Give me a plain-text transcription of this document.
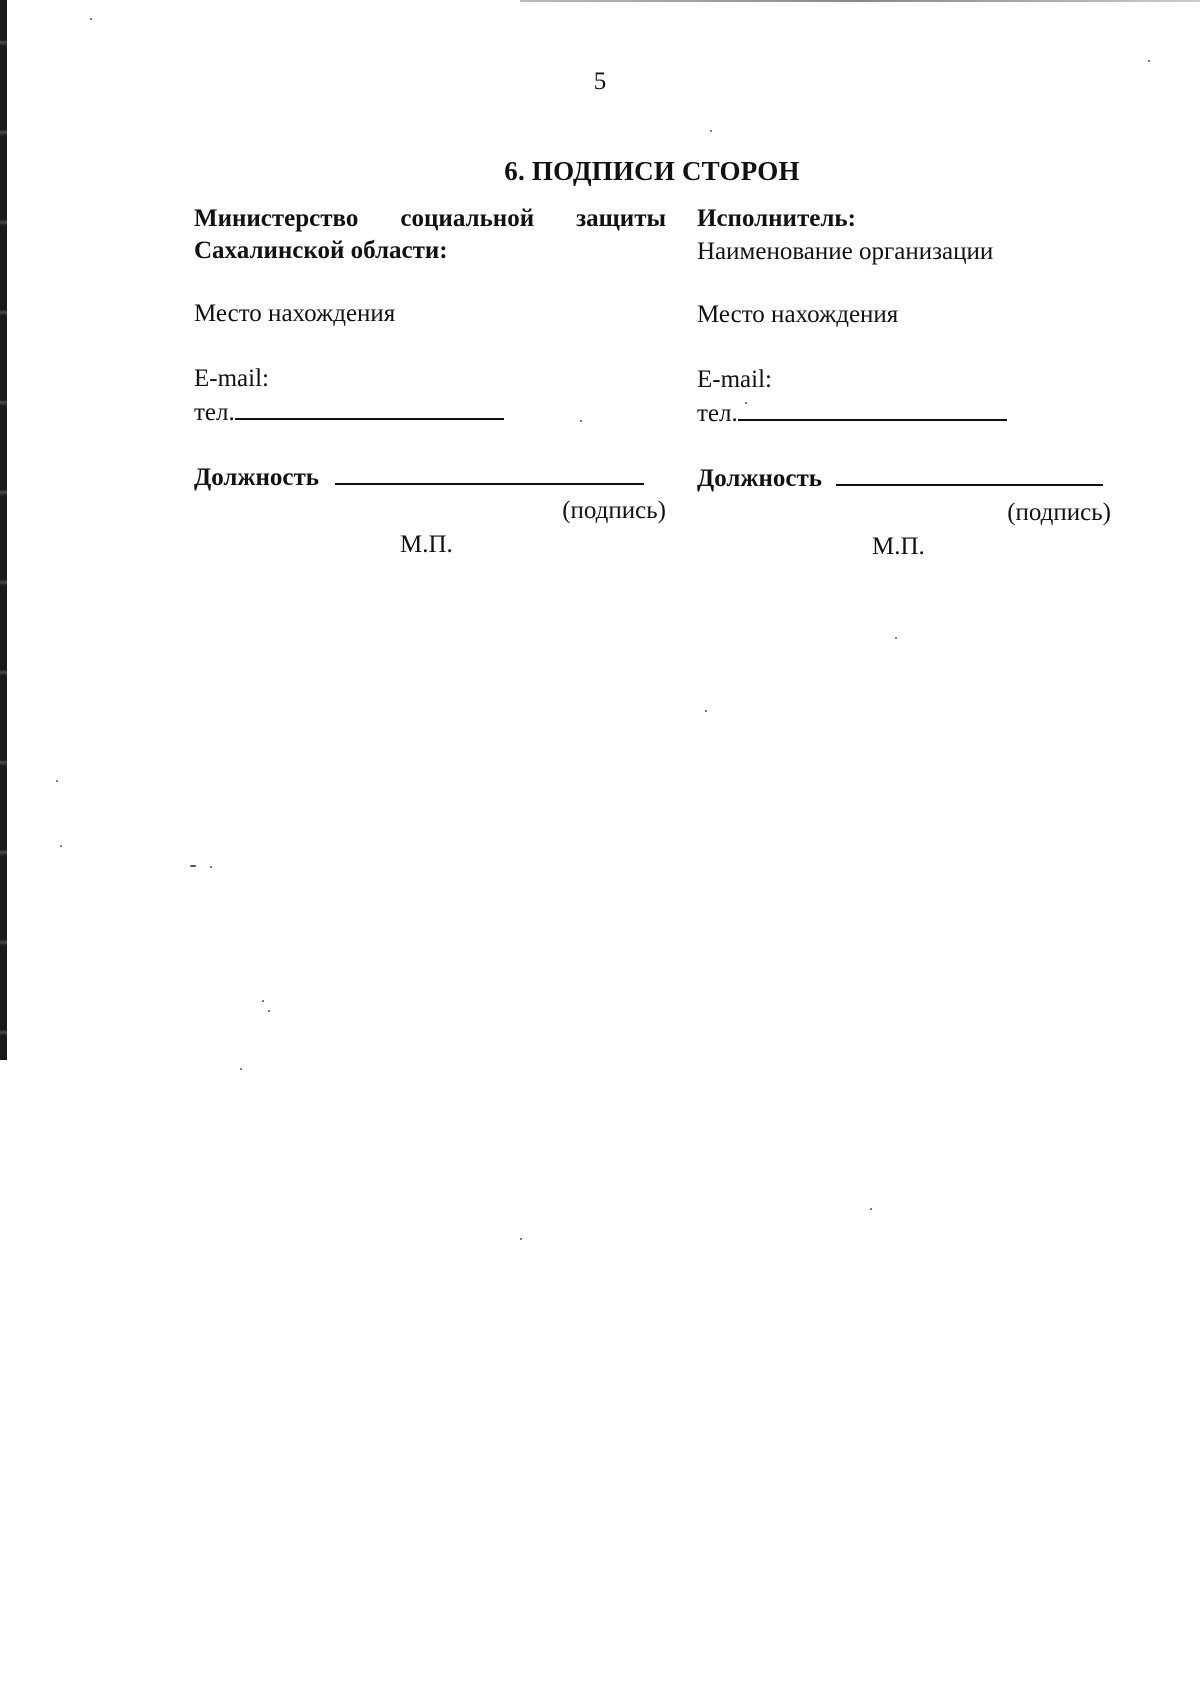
5
6. ПОДПИСИ СТОРОН
Министерство социальной защиты
Сахалинской области:
Место нахождения
E-mail:
тел.
Должность
(подпись)
М.П.
Исполнитель:
Наименование организации
Место нахождения
E-mail:
тел.
Должность
(подпись)
М.П.
